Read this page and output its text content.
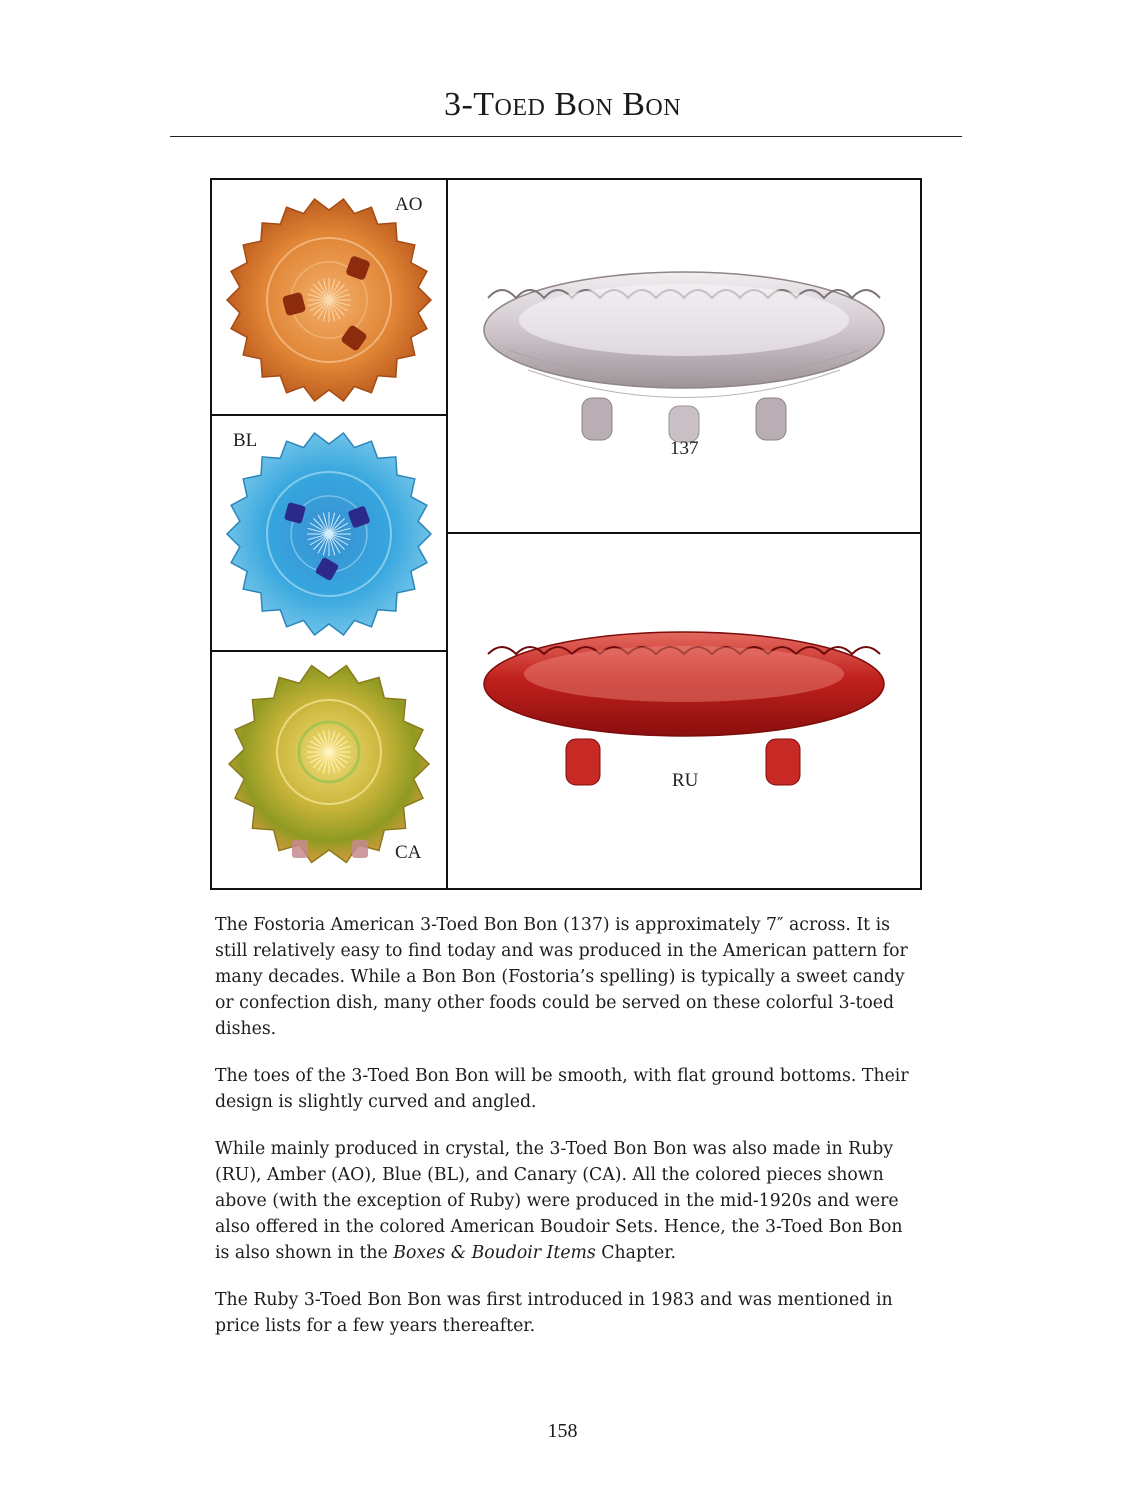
3-Toed Bon Bon
AO
BL
CA
137
RU

The Fostoria American 3-Toed Bon Bon (137) is approximately 7″ across. It is still relatively easy to find today and was produced in the American pattern for many decades. While a Bon Bon (Fostoria’s spelling) is typically a sweet candy or confection dish, many other foods could be served on these colorful 3-toed dishes.

The toes of the 3-Toed Bon Bon will be smooth, with flat ground bottoms. Their design is slightly curved and angled.

While mainly produced in crystal, the 3-Toed Bon Bon was also made in Ruby (RU), Amber (AO), Blue (BL), and Canary (CA). All the colored pieces shown above (with the exception of Ruby) were produced in the mid-1920s and were also offered in the colored American Boudoir Sets. Hence, the 3-Toed Bon Bon is also shown in the Boxes & Boudoir Items Chapter.

The Ruby 3-Toed Bon Bon was first introduced in 1983 and was mentioned in price lists for a few years thereafter.

158
